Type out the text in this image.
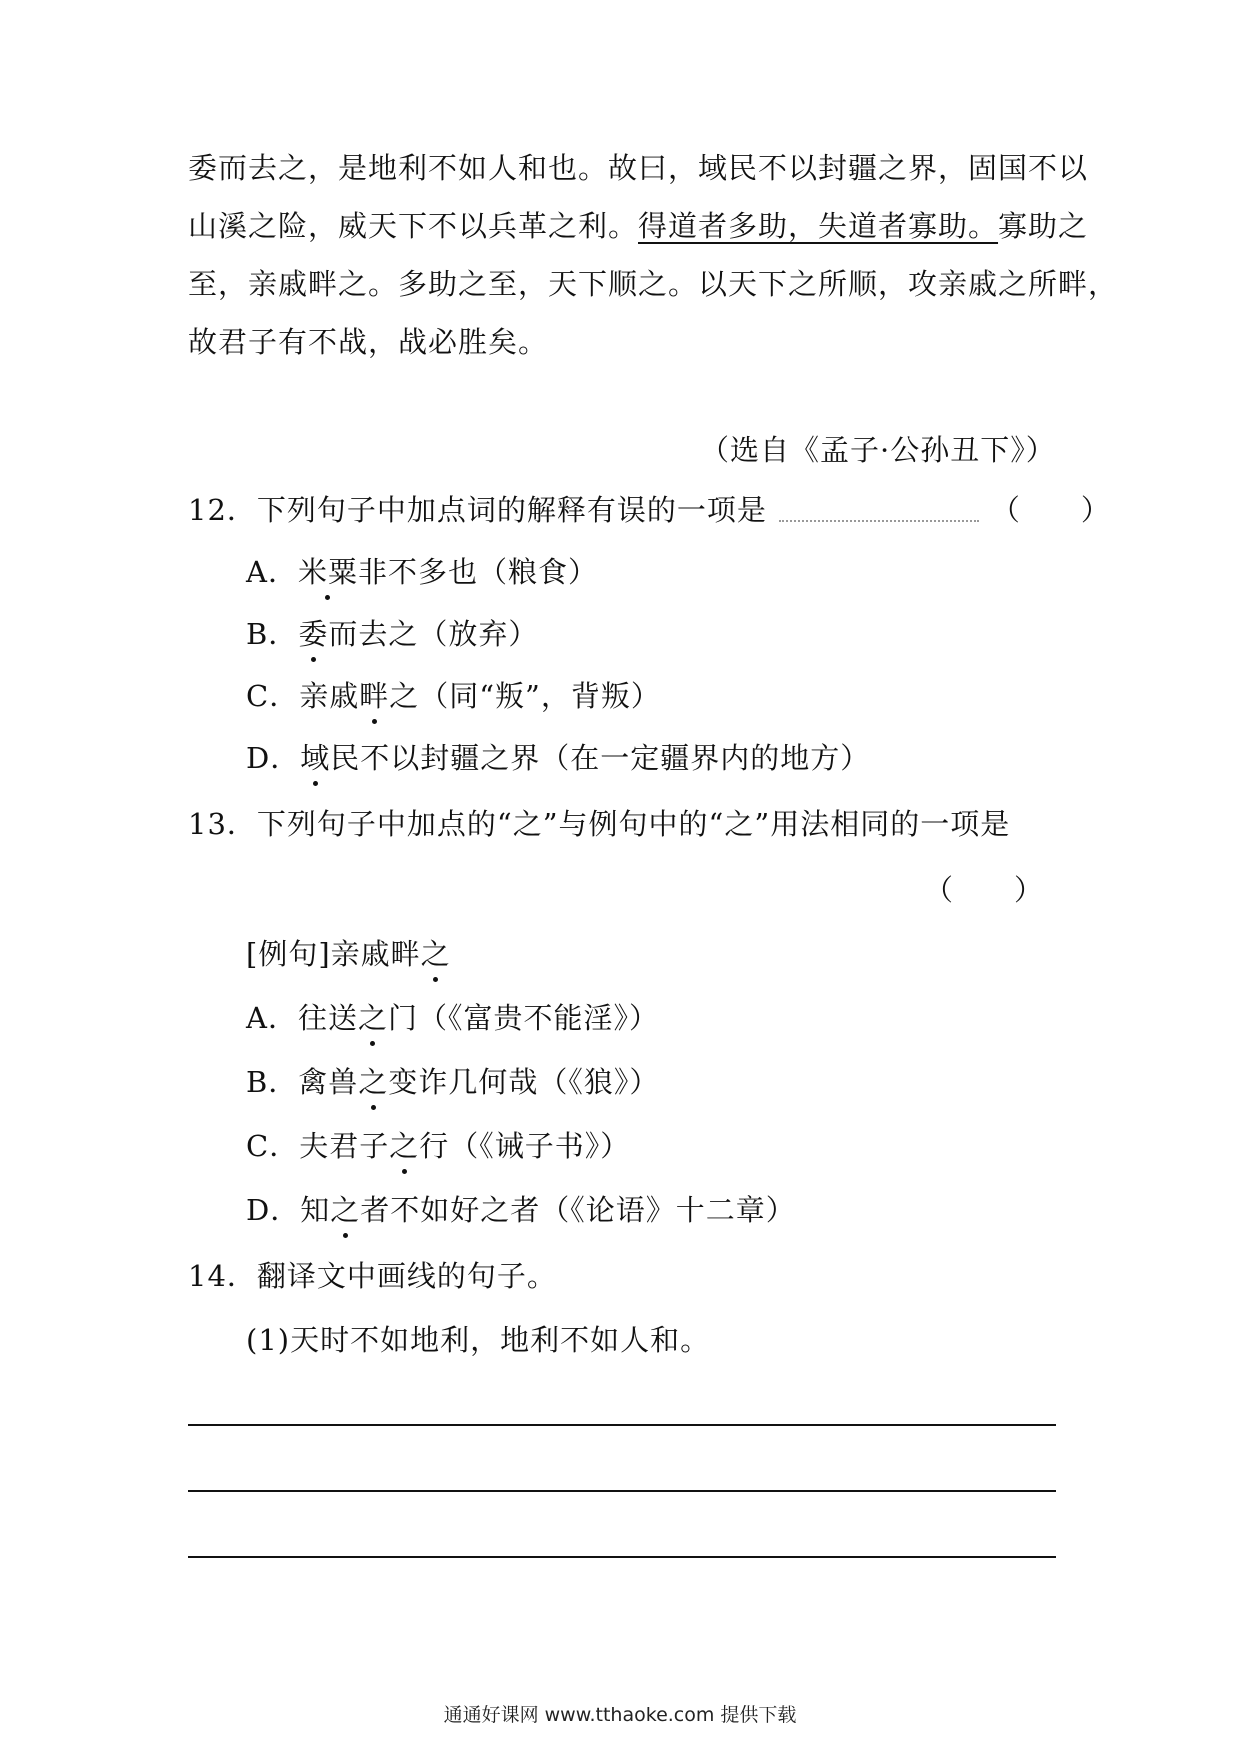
委而去之，是地利不如人和也。故曰，域民不以封疆之界，固国不以
山溪之险，威天下不以兵革之利。得道者多助，失道者寡助。寡助之
至，亲戚畔之。多助之至，天下顺之。以天下之所顺，攻亲戚之所畔，
故君子有不战，战必胜矣。
（选自《孟子·公孙丑下》）
12．下列句子中加点词的解释有误的一项是	（　　）
A．米粟非不多也（粮食）
B．委而去之（放弃）
C．亲戚畔之（同“叛”，背叛）
D．域民不以封疆之界（在一定疆界内的地方）
13．下列句子中加点的“之”与例句中的“之”用法相同的一项是
（　　）
[例句]亲戚畔之
A．往送之门（《富贵不能淫》）
B．禽兽之变诈几何哉（《狼》）
C．夫君子之行（《诫子书》）
D．知之者不如好之者（《论语》十二章）
14．翻译文中画线的句子。
(1)天时不如地利，地利不如人和。
通通好课网 www.tthaoke.com 提供下载
